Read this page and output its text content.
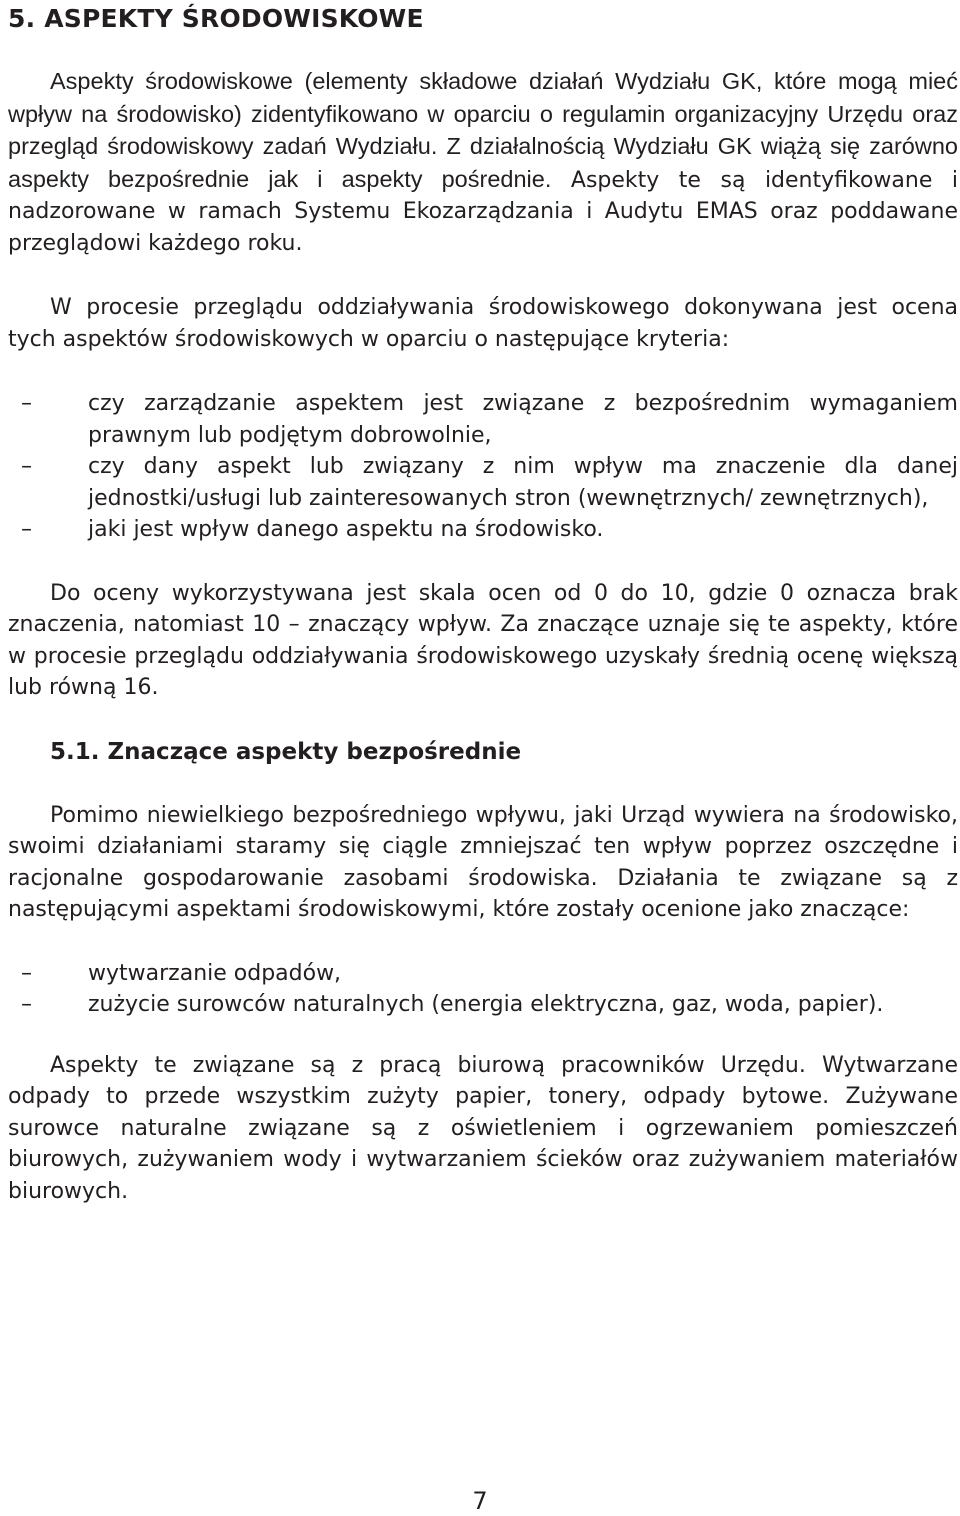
5. ASPEKTY ŚRODOWISKOWE

Aspekty środowiskowe (elementy składowe działań Wydziału GK, które mogą mieć wpływ na środowisko) zidentyfikowano w oparciu o regulamin organizacyjny Urzędu oraz przegląd środowiskowy zadań Wydziału. Z działalnością Wydziału GK wiążą się zarówno aspekty bezpośrednie jak i aspekty pośrednie. Aspekty te są identyfikowane i nadzorowane w ramach Systemu Ekozarządzania i Audytu EMAS oraz poddawane przeglądowi każdego roku.

W procesie przeglądu oddziaływania środowiskowego dokonywana jest ocena tych aspektów środowiskowych w oparciu o następujące kryteria:

–	czy zarządzanie aspektem jest związane z bezpośrednim wymaganiem prawnym lub podjętym dobrowolnie,
–	czy dany aspekt lub związany z nim wpływ ma znaczenie dla danej jednostki/usługi lub zainteresowanych stron (wewnętrznych/ zewnętrznych),
–	jaki jest wpływ danego aspektu na środowisko.

Do oceny wykorzystywana jest skala ocen od 0 do 10, gdzie 0 oznacza brak znaczenia, natomiast 10 – znaczący wpływ. Za znaczące uznaje się te aspekty, które w procesie przeglądu oddziaływania środowiskowego uzyskały średnią ocenę większą lub równą 16.

5.1. Znaczące aspekty bezpośrednie

Pomimo niewielkiego bezpośredniego wpływu, jaki Urząd wywiera na środowisko, swoimi działaniami staramy się ciągle zmniejszać ten wpływ poprzez oszczędne i racjonalne gospodarowanie zasobami środowiska. Działania te związane są z następującymi aspektami środowiskowymi, które zostały ocenione jako znaczące:

–	wytwarzanie odpadów,
–	zużycie surowców naturalnych (energia elektryczna, gaz, woda, papier).

Aspekty te związane są z pracą biurową pracowników Urzędu. Wytwarzane odpady to przede wszystkim zużyty papier, tonery, odpady bytowe. Zużywane surowce naturalne związane są z oświetleniem i ogrzewaniem pomieszczeń biurowych, zużywaniem wody i wytwarzaniem ścieków oraz zużywaniem materiałów biurowych.

7
